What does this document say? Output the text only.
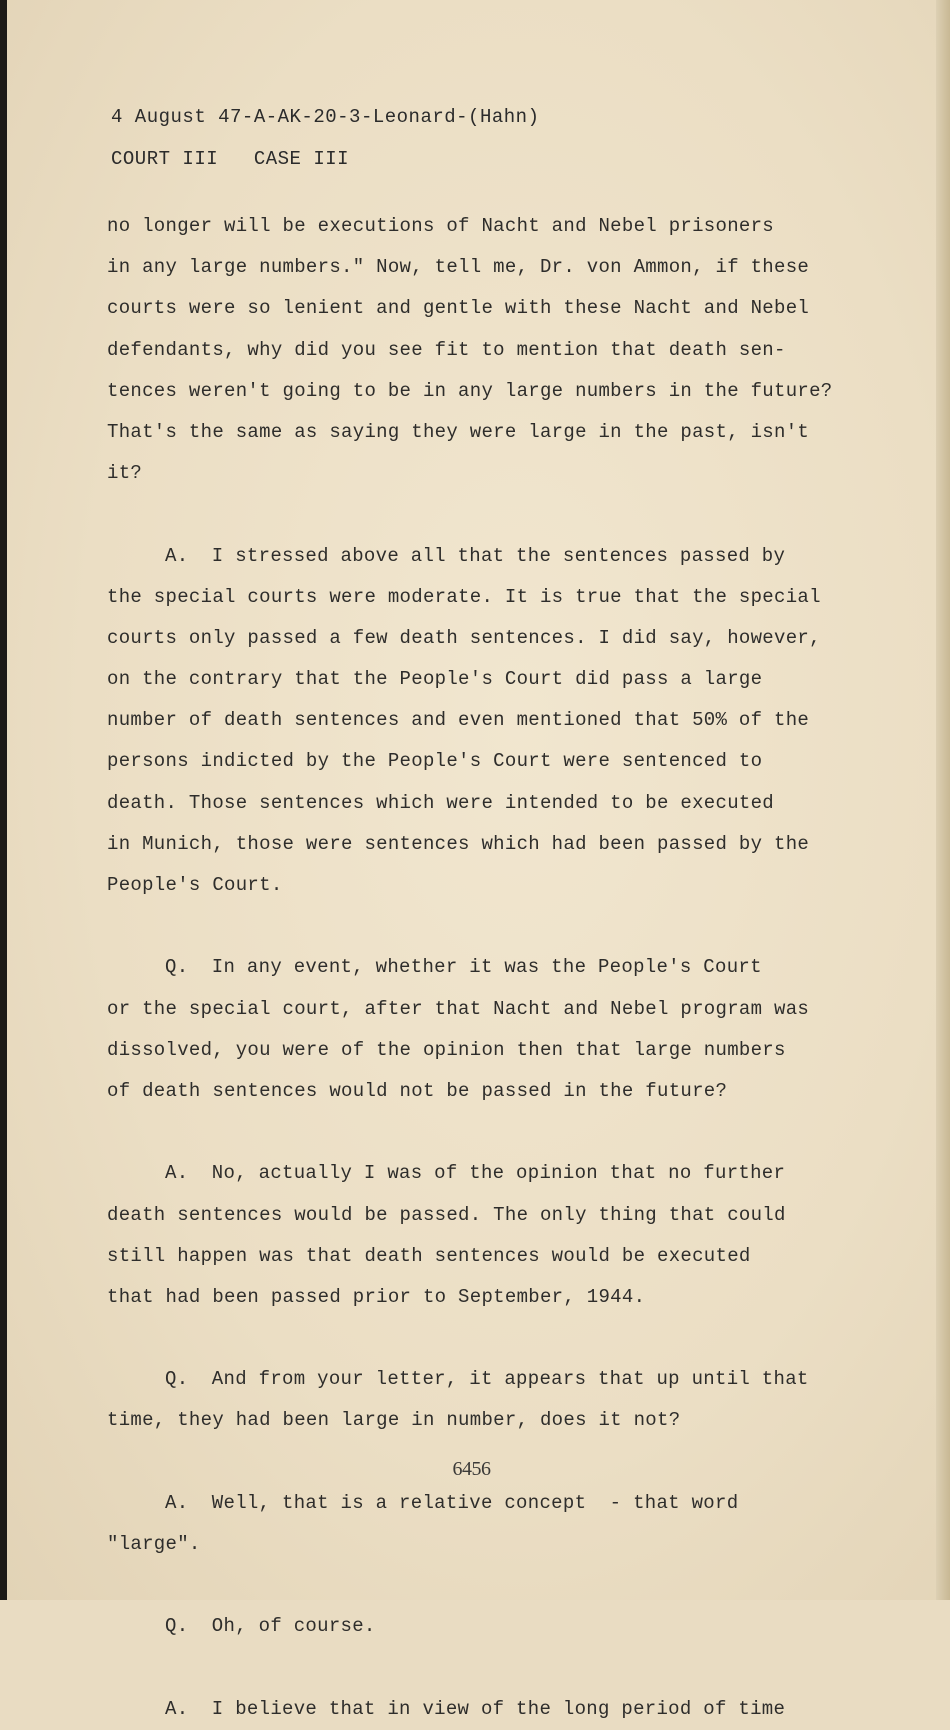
4 August 47-A-AK-20-3-Leonard-(Hahn)
COURT III   CASE III
no longer will be executions of Nacht and Nebel prisoners
in any large numbers." Now, tell me, Dr. von Ammon, if these
courts were so lenient and gentle with these Nacht and Nebel
defendants, why did you see fit to mention that death sen-
tences weren't going to be in any large numbers in the future?
That's the same as saying they were large in the past, isn't
it?
A.  I stressed above all that the sentences passed by
the special courts were moderate. It is true that the special
courts only passed a few death sentences. I did say, however,
on the contrary that the People's Court did pass a large
number of death sentences and even mentioned that 50% of the
persons indicted by the People's Court were sentenced to
death. Those sentences which were intended to be executed
in Munich, those were sentences which had been passed by the
People's Court.
Q.  In any event, whether it was the People's Court
or the special court, after that Nacht and Nebel program was
dissolved, you were of the opinion then that large numbers
of death sentences would not be passed in the future?
A.  No, actually I was of the opinion that no further
death sentences would be passed. The only thing that could
still happen was that death sentences would be executed
that had been passed prior to September, 1944.
Q.  And from your letter, it appears that up until that
time, they had been large in number, does it not?
A.  Well, that is a relative concept  - that word
"large".
Q.  Oh, of course.
A.  I believe that in view of the long period of time
6456
